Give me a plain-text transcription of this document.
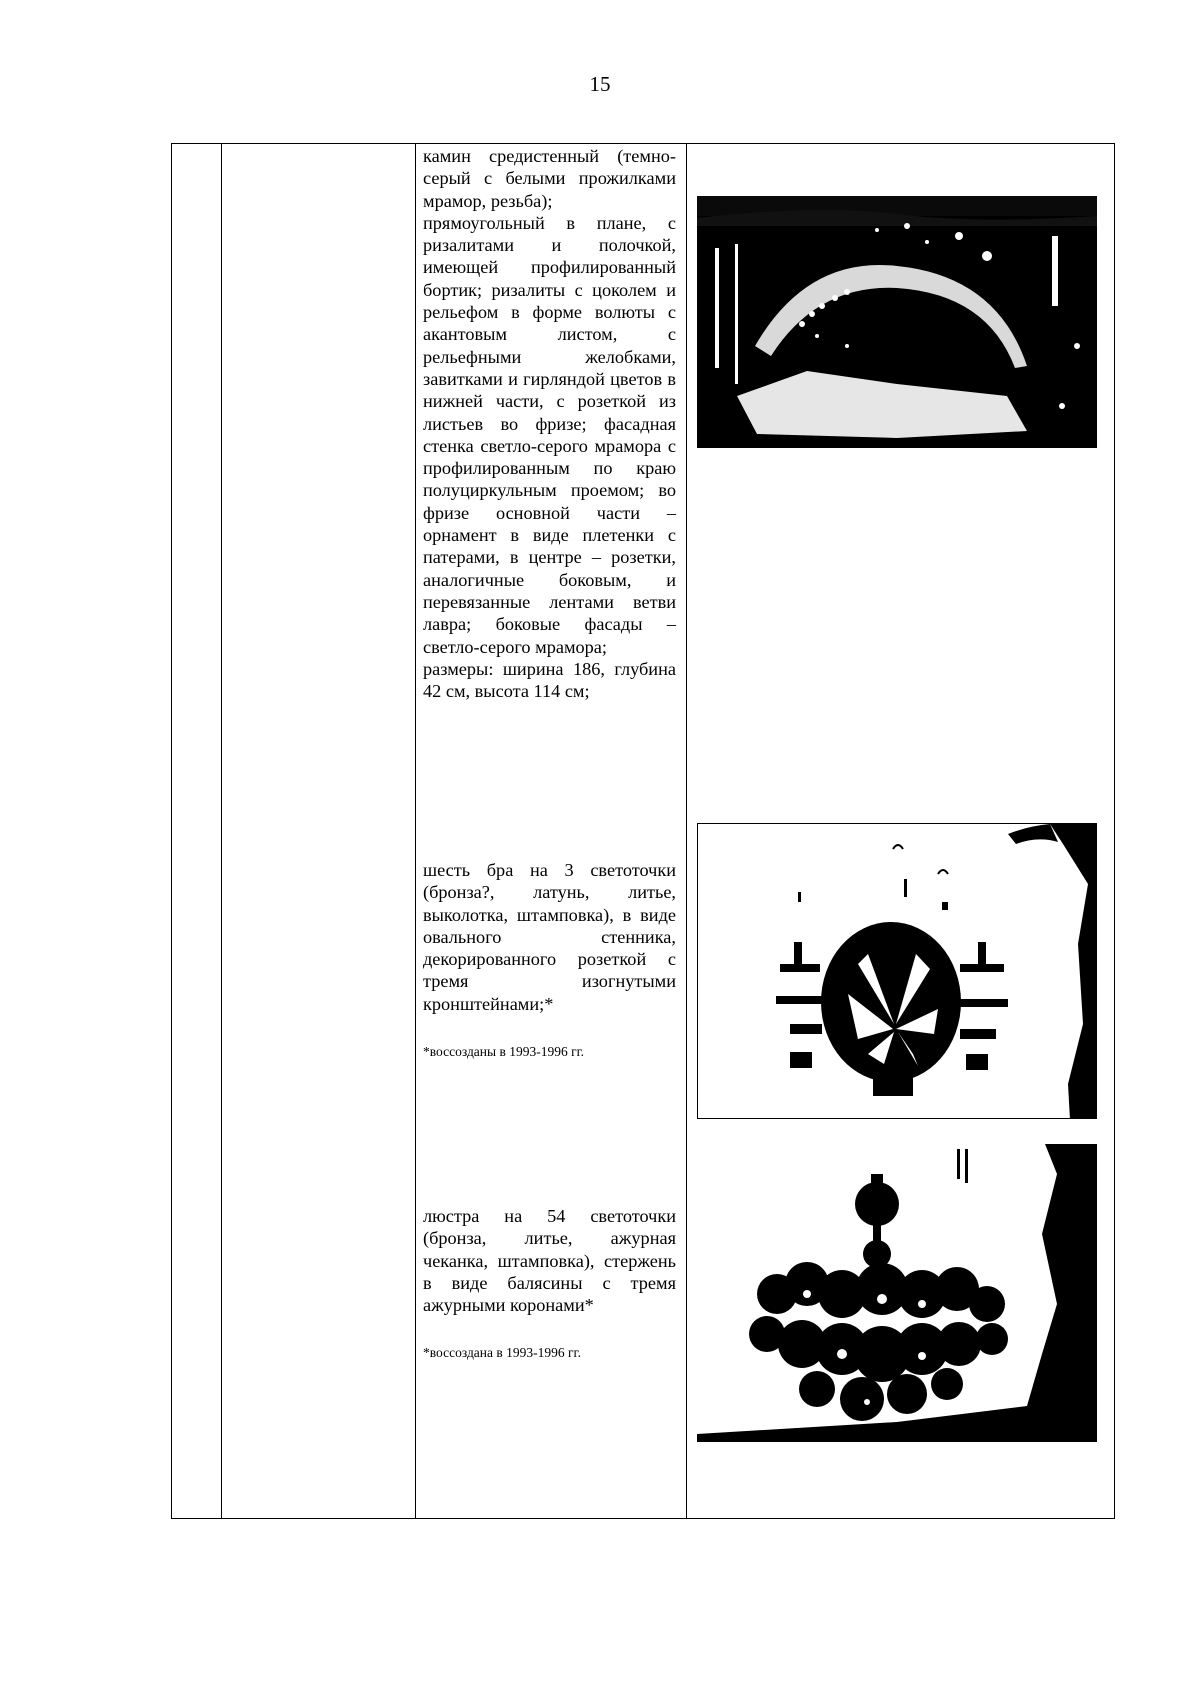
15

камин средистенный (темно-серый с белыми прожилками мрамор, резьба);

прямоугольный в плане, с ризалитами и полочкой, имеющей профилированный бортик; ризалиты с цоколем и рельефом в форме волюты с акантовым листом, с рельефными желобками, завитками и гирляндой цветов в нижней части, с розеткой из листьев во фризе; фасадная стенка светло-серого мрамора с профилированным по краю полуциркульным проемом; во фризе основной части – орнамент в виде плетенки с патерами, в центре – розетки, аналогичные боковым, и перевязанные лентами ветви лавра; боковые фасады – светло-серого мрамора;

размеры: ширина 186, глубина 42 см, высота 114 см;

шесть бра на 3 светоточки (бронза?, латунь, литье, выколотка, штамповка), в виде овального стенника, декорированного розеткой с тремя изогнутыми кронштейнами;*

*воссозданы в 1993-1996 гг.

люстра на 54 светоточки (бронза, литье, ажурная чеканка, штамповка), стержень в виде балясины с тремя ажурными коронами*

*воссоздана в 1993-1996 гг.
